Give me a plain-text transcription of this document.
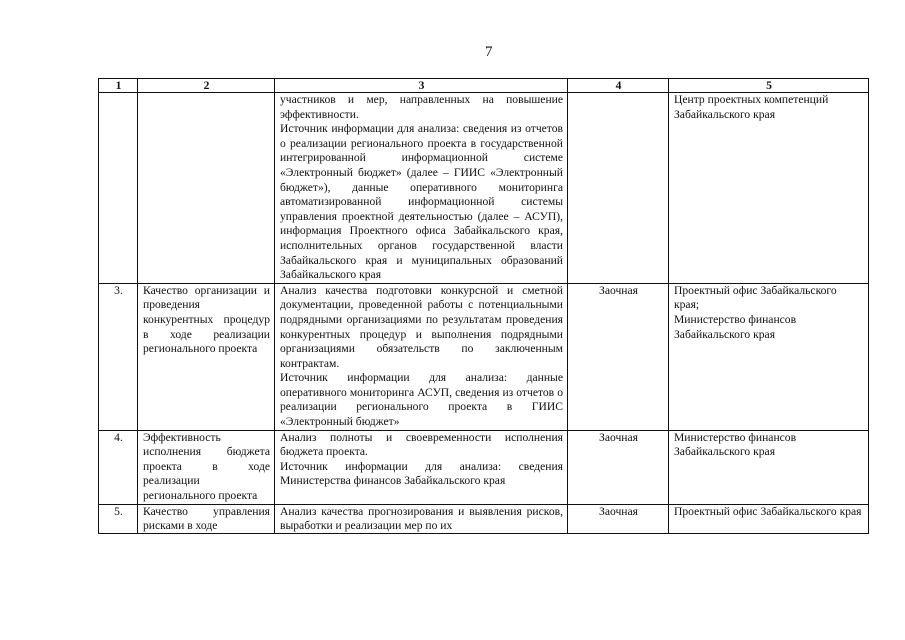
7
1	2	3	4	5

		участников и мер, направленных на повышение эффективности.
Источник информации для анализа: сведения из отчетов о реализации регионального проекта в государственной интегрированной информационной системе «Электронный бюджет» (далее – ГИИС «Электронный бюджет»), данные оперативного мониторинга автоматизированной информационной системы управления проектной деятельностью (далее – АСУП), информация Проектного офиса Забайкальского края, исполнительных органов государственной власти Забайкальского края и муниципальных образований Забайкальского края		Центр проектных компетенций Забайкальского края

3.	Качество организации и проведения конкурентных процедур в ходе реализации регионального проекта	Анализ качества подготовки конкурсной и сметной документации, проведенной работы с потенциальными подрядными организациями по результатам проведения конкурентных процедур и выполнения подрядными организациями обязательств по заключенным контрактам.
Источник информации для анализа: данные оперативного мониторинга АСУП, сведения из отчетов о реализации регионального проекта в ГИИС «Электронный бюджет»	Заочная	Проектный офис Забайкальского края;
Министерство финансов Забайкальского края

4.	Эффективность исполнения бюджета проекта в ходе реализации регионального проекта	Анализ полноты и своевременности исполнения бюджета проекта.
Источник информации для анализа: сведения Министерства финансов Забайкальского края	Заочная	Министерство финансов Забайкальского края

5.	Качество управления рисками в ходе	Анализ качества прогнозирования и выявления рисков, выработки и реализации мер по их	Заочная	Проектный офис Забайкальского края
